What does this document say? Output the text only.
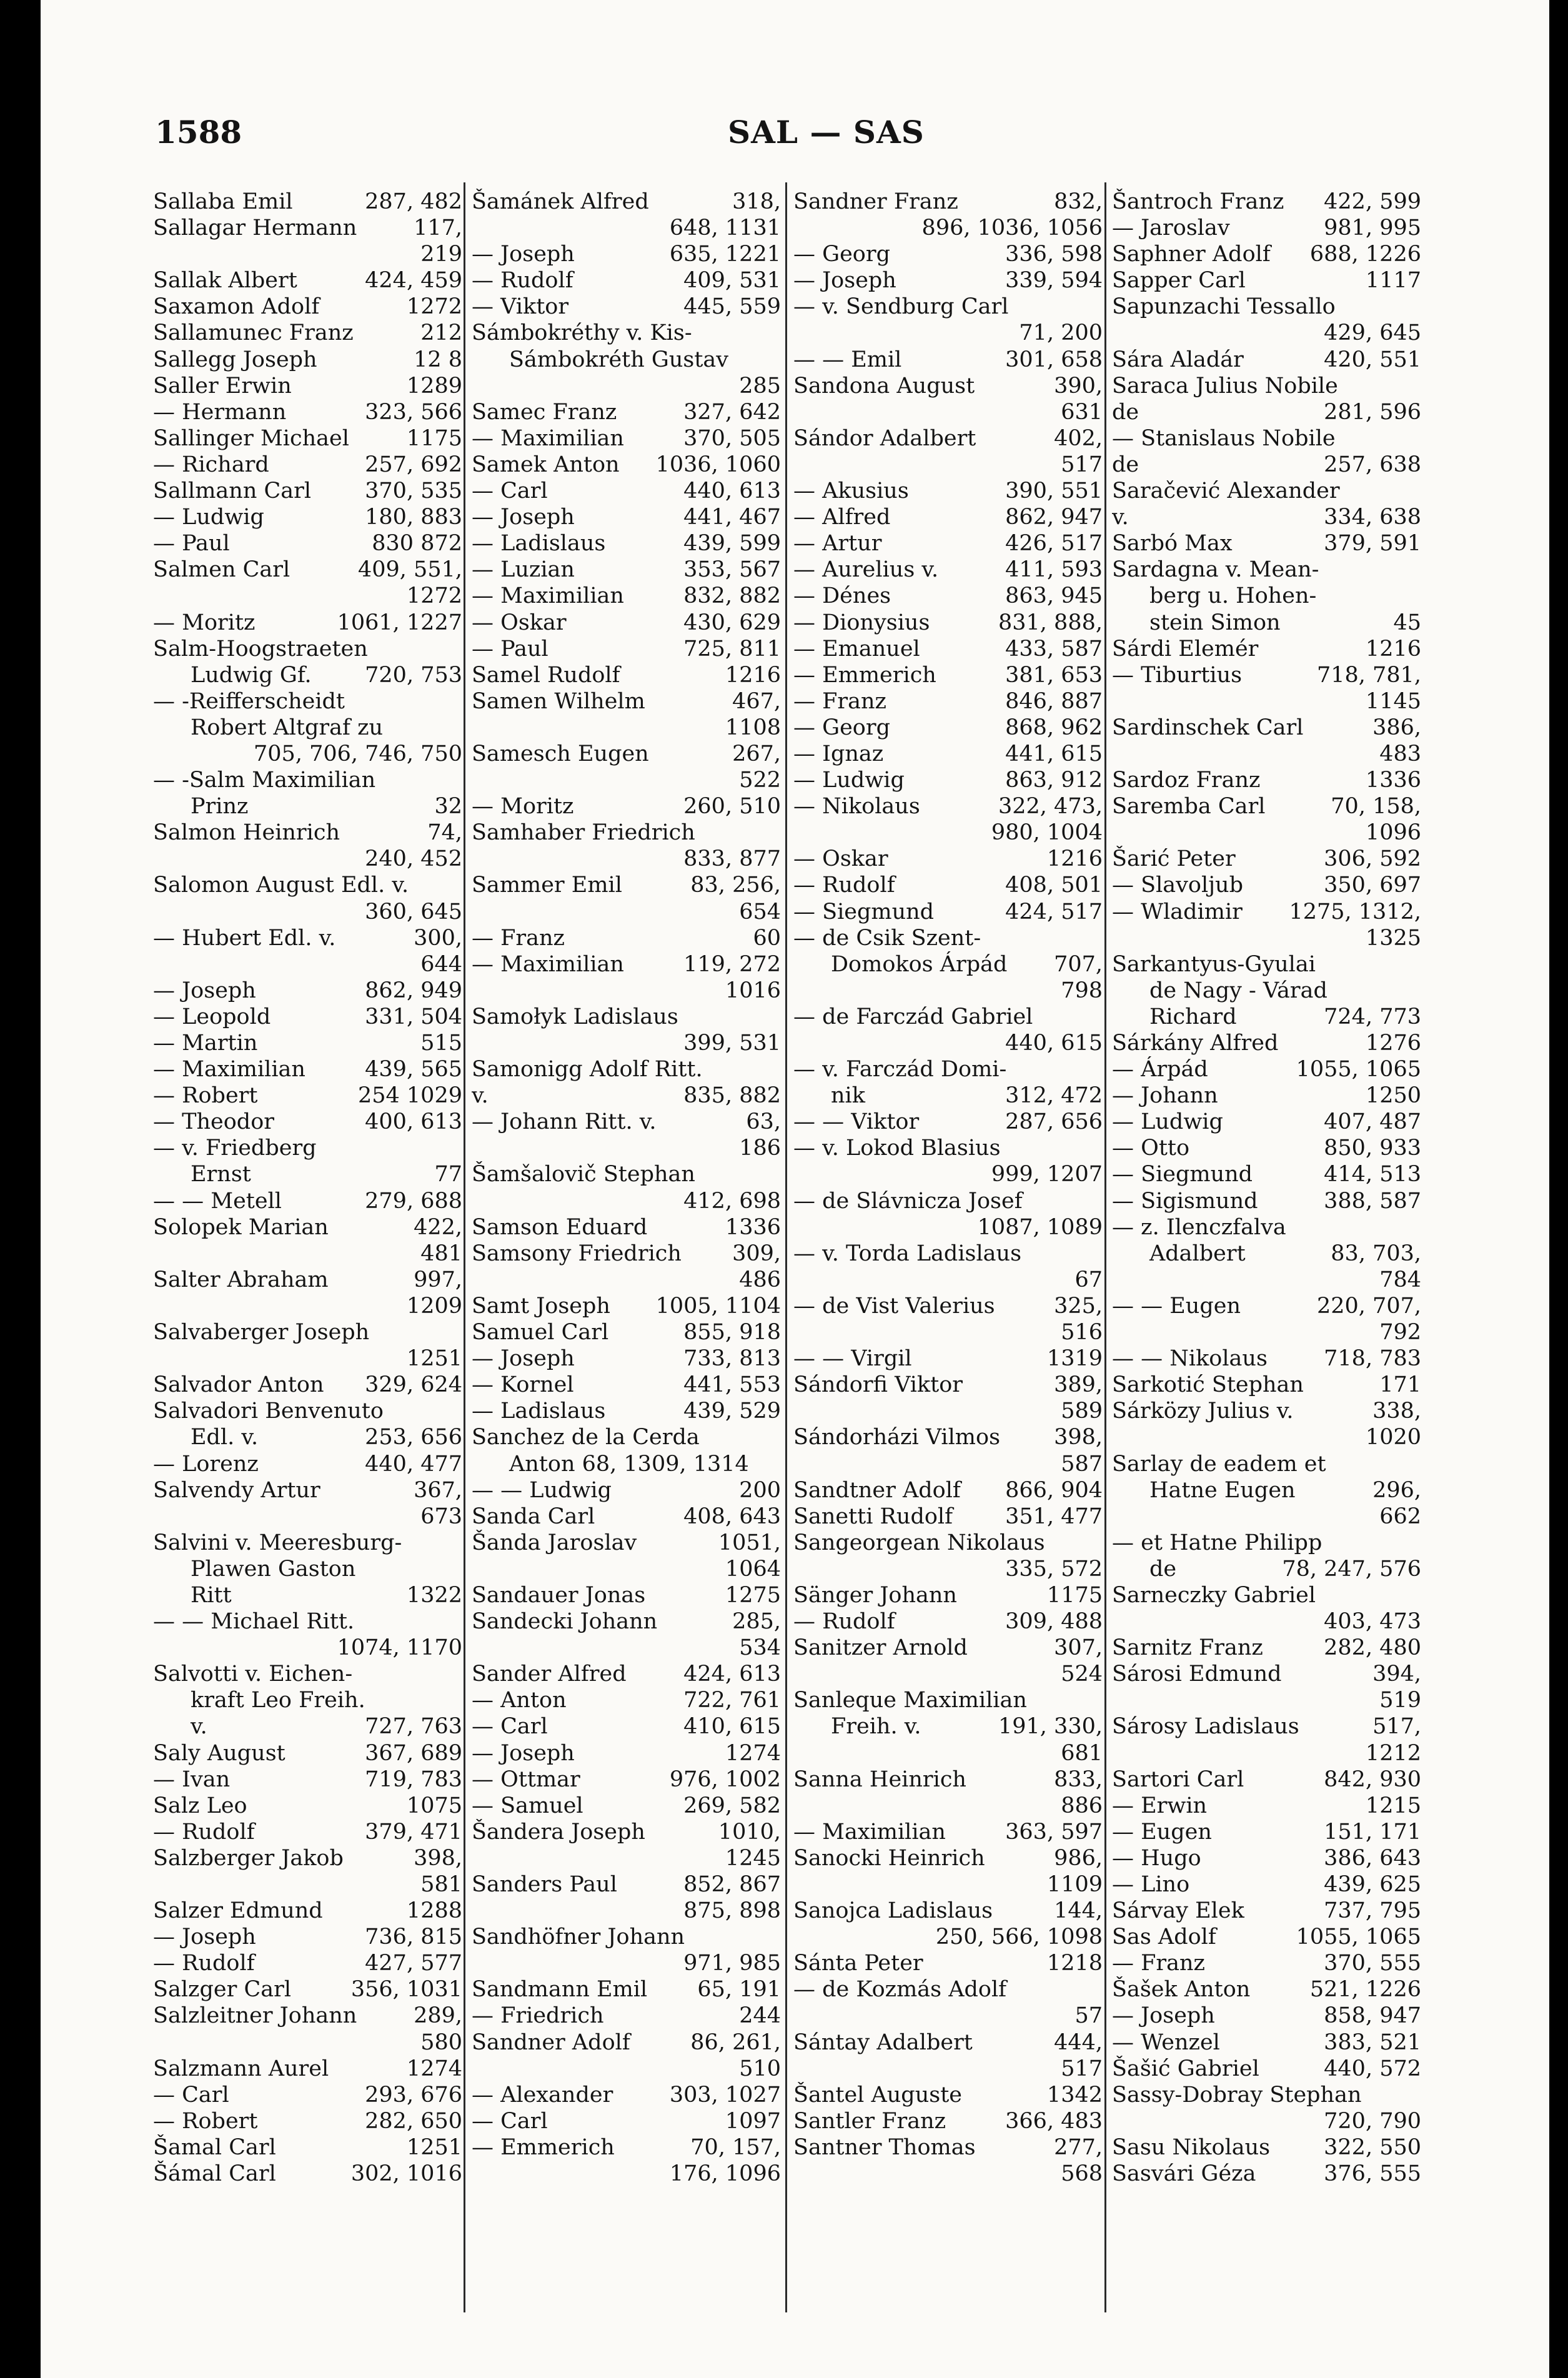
1588	SAL — SAS
Sallaba Emil	287, 482
Sallagar Hermann	117,
219
Sallak Albert	424, 459
Saxamon Adolf	1272
Sallamunec Franz	212
Sallegg Joseph	12 8
Saller Erwin	1289
— Hermann	323, 566
Sallinger Michael	1175
— Richard	257, 692
Sallmann Carl 370, 535
— Ludwig	180, 883
— Paul	830 872
Salmen Carl	409, 551,
1272
— Moritz	1061, 1227
Salm-Hoogstraeten
Ludwig Gf. 720, 753
— -Reifferscheidt
Robert Altgraf zu
705, 706, 746, 750
— -Salm Maximilian
Prinz	32
Salmon Heinrich	74,
240, 452
Salomon August Edl. v.
360, 645
— Hubert Edl. v.	300,
644
— Joseph	862, 949
— Leopold	331, 504
— Martin	515
— Maximilian	439, 565
— Robert	254 1029
— Theodor	400, 613
— v. Friedberg
Ernst	77
— — Metell	279, 688
Solopek Marian	422,
481
Salter Abraham	997,
1209
Salvaberger Joseph
1251
Salvador Anton 329, 624
Salvadori Benvenuto
Edl. v.	253, 656
— Lorenz	440, 477
Salvendy Artur	367,
673
Salvini v. Meeresburg-
Plawen Gaston
Ritt	1322
— — Michael Ritt.
1074, 1170
Salvotti v. Eichen-
kraft Leo Freih.
v.	727, 763
Saly August	367, 689
— Ivan	719, 783
Salz Leo	1075
— Rudolf	379, 471
Salzberger Jakob	398,
581
Salzer Edmund	1288
— Joseph	736, 815
— Rudolf	427, 577
Salzger Carl	356, 1031
Salzleitner Johann	289,
580
Salzmann Aurel	1274
— Carl	293, 676
— Robert	282, 650
Šamal Carl	1251
Šámal Carl	302, 1016
Šamánek Alfred	318,
648, 1131
— Joseph	635, 1221
— Rudolf	409, 531
— Viktor	445, 559
Sámbokréthy v. Kis-
Sámbokréth Gustav
285
Samec Franz	327, 642
— Maximilian	370, 505
Samek Anton 1036, 1060
— Carl	440, 613
— Joseph	441, 467
— Ladislaus	439, 599
— Luzian	353, 567
— Maximilian	832, 882
— Oskar	430, 629
— Paul	725, 811
Samel Rudolf	1216
Samen Wilhelm	467,
1108
Samesch Eugen	267,
522
— Moritz	260, 510
Samhaber Friedrich
833, 877
Sammer Emil	83, 256,
654
— Franz	60
— Maximilian	119, 272
1016
Samołyk Ladislaus
399, 531
Samonigg Adolf Ritt.
v.	835, 882
— Johann Ritt. v.	63,
186
Šamšalovič Stephan
412, 698
Samson Eduard	1336
Samsony Friedrich 309,
486
Samt Joseph 1005, 1104
Samuel Carl	855, 918
— Joseph	733, 813
— Kornel	441, 553
— Ladislaus	439, 529
Sanchez de la Cerda
Anton 68, 1309, 1314
— — Ludwig	200
Sanda Carl	408, 643
Šanda Jaroslav	1051,
1064
Sandauer Jonas	1275
Sandecki Johann	285,
534
Sander Alfred	424, 613
— Anton	722, 761
— Carl	410, 615
— Joseph	1274
— Ottmar	976, 1002
— Samuel	269, 582
Šandera Joseph	1010,
1245
Sanders Paul	852, 867
875, 898
Sandhöfner Johann
971, 985
Sandmann Emil 65, 191
— Friedrich	244
Sandner Adolf	86, 261,
510
— Alexander	303, 1027
— Carl	1097
— Emmerich	70, 157,
176, 1096
Sandner Franz	832,
896, 1036, 1056
— Georg	336, 598
— Joseph	339, 594
— v. Sendburg Carl
71, 200
— — Emil	301, 658
Sandona August	390,
631
Sándor Adalbert	402,
517
— Akusius	390, 551
— Alfred	862, 947
— Artur	426, 517
— Aurelius v.	411, 593
— Dénes	863, 945
— Dionysius	831, 888,
— Emanuel	433, 587
— Emmerich	381, 653
— Franz	846, 887
— Georg	868, 962
— Ignaz	441, 615
— Ludwig	863, 912
— Nikolaus	322, 473,
980, 1004
— Oskar	1216
— Rudolf	408, 501
— Siegmund	424, 517
— de Csik Szent-
Domokos Árpád 707,
798
— de Farczád Gabriel
440, 615
— v. Farczád Domi-
nik	312, 472
— — Viktor	287, 656
— v. Lokod Blasius
999, 1207
— de Slávnicza Josef
1087, 1089
— v. Torda Ladislaus
67
— de Vist Valerius	325,
516
— — Virgil	1319
Sándorfi Viktor	389,
589
Sándorházi Vilmos 398,
587
Sandtner Adolf 866, 904
Sanetti Rudolf 351, 477
Sangeorgean Nikolaus
335, 572
Sänger Johann	1175
— Rudolf	309, 488
Sanitzer Arnold	307,
524
Sanleque Maximilian
Freih. v.	191, 330,
681
Sanna Heinrich	833,
886
— Maximilian	363, 597
Sanocki Heinrich	986,
1109
Sanojca Ladislaus	144,
250, 566, 1098
Sánta Peter	1218
— de Kozmás Adolf
57
Sántay Adalbert	444,
517
Šantel Auguste	1342
Santler Franz	366, 483
Santner Thomas	277,
568
Šantroch Franz 422, 599
— Jaroslav	981, 995
Saphner Adolf 688, 1226
Sapper Carl	1117
Sapunzachi Tessallo
429, 645
Sára Aladár	420, 551
Saraca Julius Nobile
de	281, 596
— Stanislaus Nobile
de	257, 638
Saračević Alexander
v.	334, 638
Sarbó Max	379, 591
Sardagna v. Mean-
berg u. Hohen-
stein Simon	45
Sárdi Elemér	1216
— Tiburtius	718, 781,
1145
Sardinschek Carl	386,
483
Sardoz Franz	1336
Saremba Carl	70, 158,
1096
Šarić Peter	306, 592
— Slavoljub	350, 697
— Wladimir 1275, 1312,
1325
Sarkantyus-Gyulai
de Nagy - Várad
Richard	724, 773
Sárkány Alfred	1276
— Árpád	1055, 1065
— Johann	1250
— Ludwig	407, 487
— Otto	850, 933
— Siegmund	414, 513
— Sigismund	388, 587
— z. Ilenczfalva
Adalbert	83, 703,
784
— — Eugen	220, 707,
792
— — Nikolaus	718, 783
Sarkotić Stephan	171
Sárközy Julius v.	338,
1020
Sarlay de eadem et
Hatne Eugen	296,
662
— et Hatne Philipp
de	78, 247, 576
Sarneczky Gabriel
403, 473
Sarnitz Franz	282, 480
Sárosi Edmund	394,
519
Sárosy Ladislaus	517,
1212
Sartori Carl	842, 930
— Erwin	1215
— Eugen	151, 171
— Hugo	386, 643
— Lino	439, 625
Sárvay Elek	737, 795
Sas Adolf	1055, 1065
— Franz	370, 555
Šašek Anton	521, 1226
— Joseph	858, 947
— Wenzel	383, 521
Šašić Gabriel	440, 572
Sassy-Dobray Stephan
720, 790
Sasu Nikolaus 322, 550
Sasvári Géza	376, 555
